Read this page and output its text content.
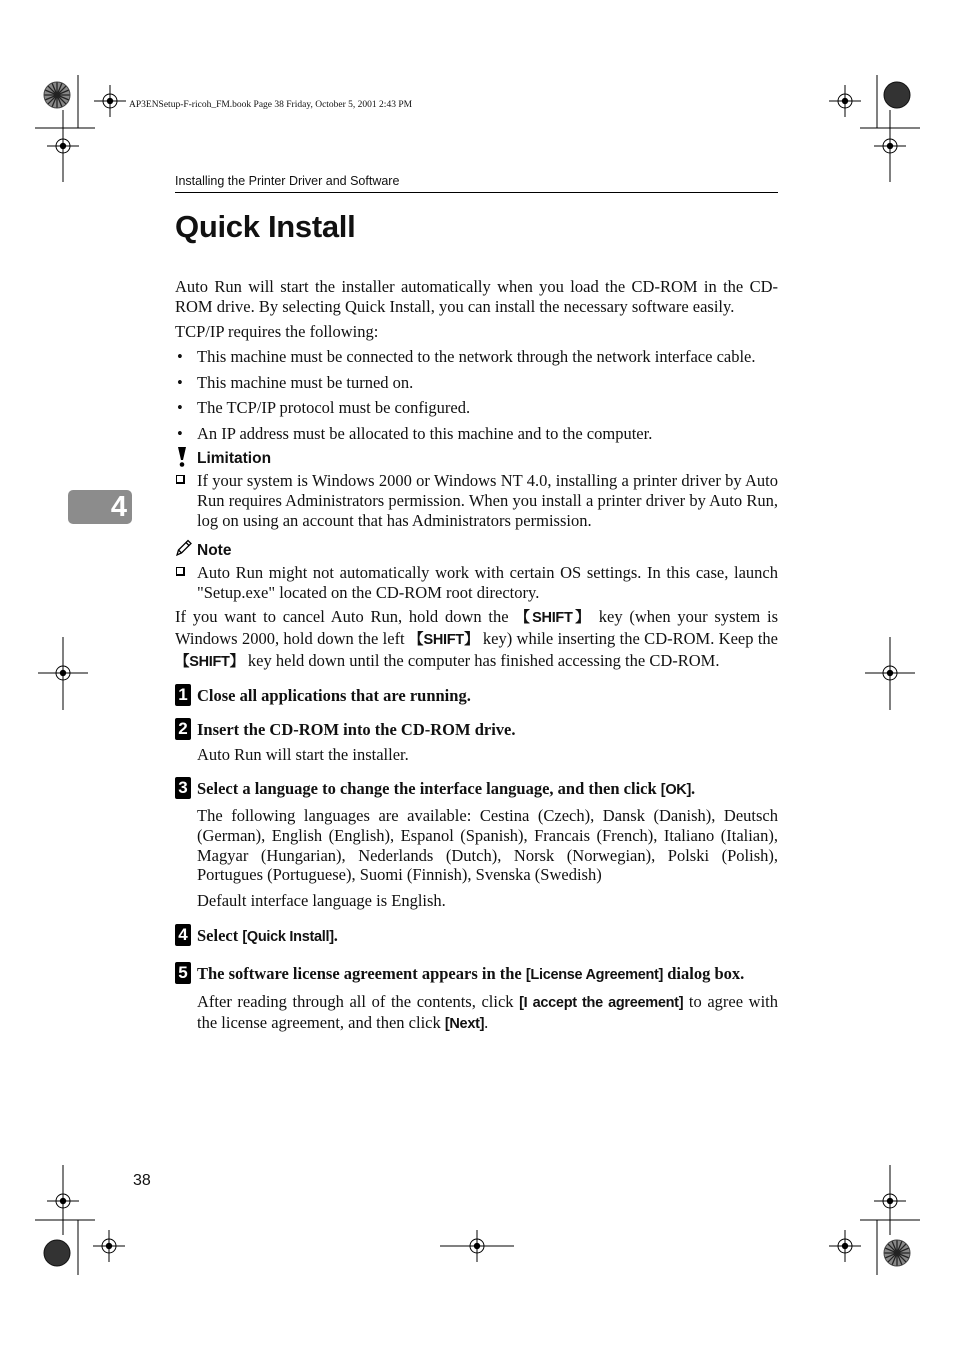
AP3ENSetup-F-ricoh_FM.book Page 38 Friday, October 5, 2001 2:43 PM
Installing the Printer Driver and Software
Quick Install
4

Auto Run will start the installer automatically when you load the CD-ROM in the CD-ROM drive. By selecting Quick Install, you can install the necessary software easily.

TCP/IP requires the following:

• This machine must be connected to the network through the network interface cable.
• This machine must be turned on.
• The TCP/IP protocol must be configured.
• An IP address must be allocated to this machine and to the computer.
Limitation
If your system is Windows 2000 or Windows NT 4.0, installing a printer driver by Auto Run requires Administrators permission. When you install a printer driver by Auto Run, log on using an account that has Administrators permission.
Note
Auto Run might not automatically work with certain OS settings. In this case, launch "Setup.exe" located on the CD-ROM root directory.

If you want to cancel Auto Run, hold down the 【SHIFT】 key (when your system is Windows 2000, hold down the left 【SHIFT】 key) while inserting the CD-ROM. Keep the 【SHIFT】 key held down until the computer has finished accessing the CD-ROM.

1 Close all applications that are running.

2 Insert the CD-ROM into the CD-ROM drive.

Auto Run will start the installer.

3 Select a language to change the interface language, and then click [OK].

The following languages are available: Cestina (Czech), Dansk (Danish), Deutsch (German), English (English), Espanol (Spanish), Francais (French), Italiano (Italian), Magyar (Hungarian), Nederlands (Dutch), Norsk (Norwegian), Polski (Polish), Portugues (Portuguese), Suomi (Finnish), Svenska (Swedish)

Default interface language is English.

4 Select [Quick Install].

5 The software license agreement appears in the [License Agreement] dialog box.

After reading through all of the contents, click [I accept the agreement] to agree with the license agreement, and then click [Next].

38
